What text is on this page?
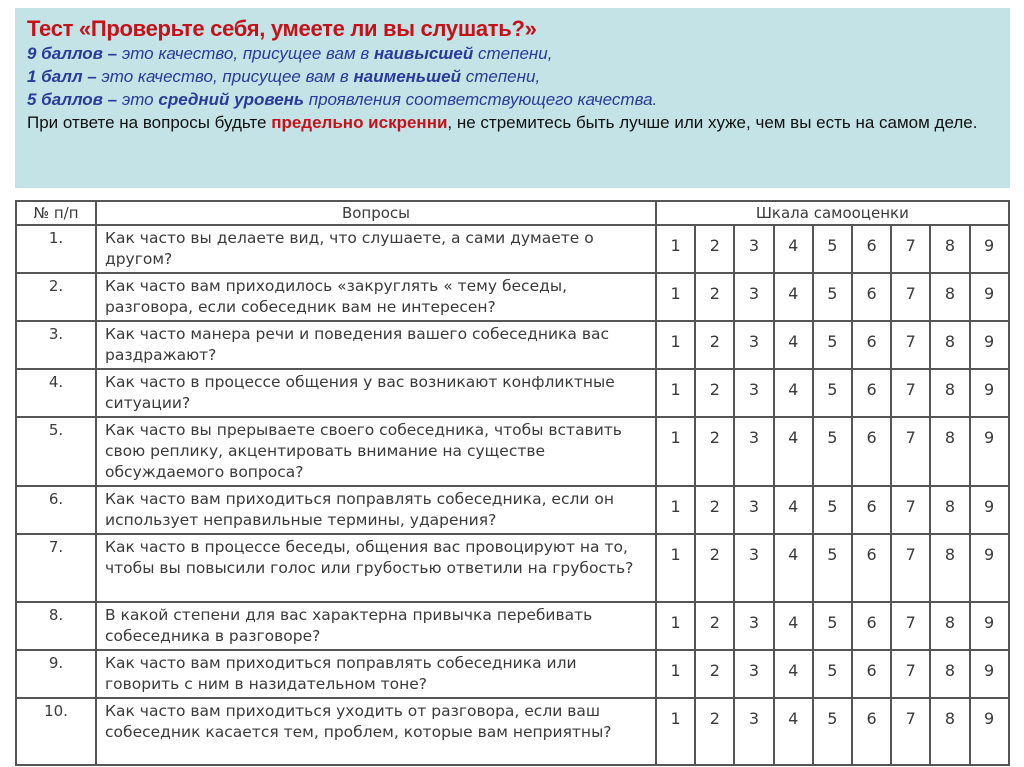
Тест «Проверьте себя, умеете ли вы слушать?»
9 баллов – это качество, присущее вам в наивысшей степени,
1 балл – это качество, присущее вам в наименьшей степени,
5 баллов – это средний уровень проявления соответствующего качества.
При ответе на вопросы будьте предельно искренни, не стремитесь быть лучше или хуже, чем вы есть на самом деле.
№ п/п	Вопросы	Шкала самооценки								
1.	Как часто вы делаете вид, что слушаете, а сами думаете о другом?	1	2	3	4	5	6	7	8	9
2.	Как часто вам приходилось «закруглять « тему беседы, разговора, если собеседник вам не интересен?	1	2	3	4	5	6	7	8	9
3.	Как часто манера речи и поведения вашего собеседника вас раздражают?	1	2	3	4	5	6	7	8	9
4.	Как часто в процессе общения у вас возникают конфликтные ситуации?	1	2	3	4	5	6	7	8	9
5.	Как часто вы прерываете своего собеседника, чтобы вставить свою реплику, акцентировать внимание на существе обсуждаемого вопроса?	1	2	3	4	5	6	7	8	9
6.	Как часто вам приходиться поправлять собеседника, если он использует неправильные термины, ударения?	1	2	3	4	5	6	7	8	9
7.	Как часто в процессе беседы, общения вас провоцируют на то, чтобы вы повысили голос или грубостью ответили на грубость?	1	2	3	4	5	6	7	8	9
8.	В какой степени для вас характерна привычка перебивать собеседника в разговоре?	1	2	3	4	5	6	7	8	9
9.	Как часто вам приходиться поправлять собеседника или говорить с ним в назидательном тоне?	1	2	3	4	5	6	7	8	9
10.	Как часто вам приходиться уходить от разговора, если ваш собеседник касается тем, проблем, которые вам неприятны?	1	2	3	4	5	6	7	8	9
